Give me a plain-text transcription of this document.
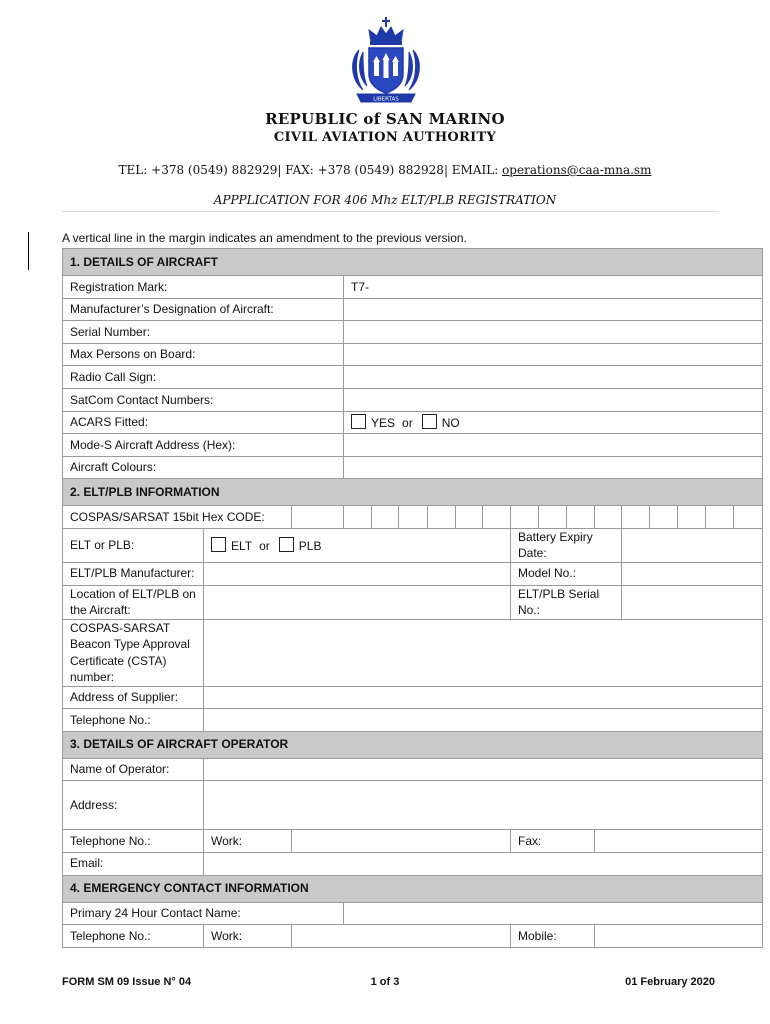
LIBERTAS
REPUBLIC of SAN MARINO
CIVIL AVIATION AUTHORITY
TEL: +378 (0549) 882929| FAX: +378 (0549) 882928| EMAIL: operations@caa-mna.sm
APPPLICATION FOR 406 Mhz ELT/PLB REGISTRATION
A vertical line in the margin indicates an amendment to the previous version.
1. DETAILS OF AIRCRAFT																	
Registration Mark:			T7-														
Manufacturer’s Designation of Aircraft:																	
Serial Number:																	
Max Persons on Board:																	
Radio Call Sign:																	
SatCom Contact Numbers:																	
ACARS Fitted:			YES or NO														
Mode-S Aircraft Address (Hex):																	
Aircraft Colours:																	
2. ELT/PLB INFORMATION																	
COSPAS/SARSAT 15bit Hex CODE:																	
ELT or PLB:	ELT or PLB								Battery Expiry Date:								
ELT/PLB Manufacturer:									Model No.:								
Location of ELT/PLB on the Aircraft:									ELT/PLB Serial No.:								
COSPAS-SARSAT Beacon Type Approval Certificate (CSTA) number:																	
Address of Supplier:																	
Telephone No.:																	
3. DETAILS OF AIRCRAFT OPERATOR																	
Name of Operator:																	
Address:																	
Telephone No.:	Work:								Fax:								
Email:																	
4. EMERGENCY CONTACT INFORMATION																	
Primary 24 Hour Contact Name:																	
Telephone No.:	Work:								Mobile:								
FORM SM 09 Issue N° 04	1 of 3	01 February 2020
